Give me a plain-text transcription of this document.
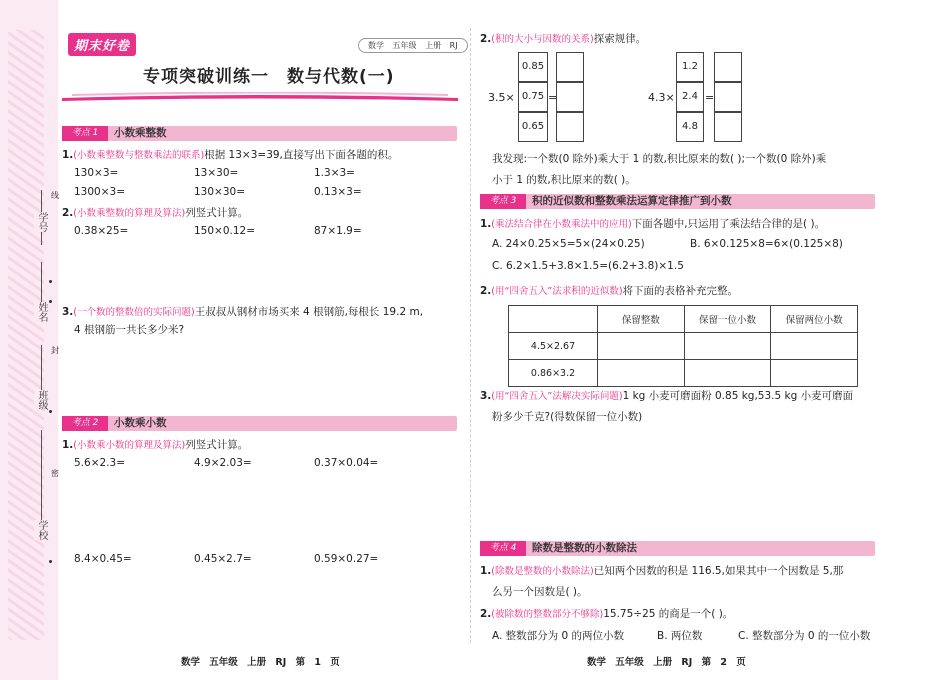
学号
姓名
班级
学校
线
封
密
期末好卷	数学 五年级 上册 RJ
专项突破训练一 数与代数(一)
考点 1	小数乘整数
1.(小数乘整数与整数乘法的联系)根据 13×3=39,直接写出下面各题的积。
130×3=	13×30=	1.3×3=
1300×3=	130×30=	0.13×3=
2.(小数乘整数的算理及算法)列竖式计算。
0.38×25=	150×0.12=	87×1.9=
3.(一个数的整数倍的实际问题)王叔叔从钢材市场买来 4 根钢筋,每根长 19.2 m,
4 根钢筋一共长多少米?
考点 2	小数乘小数
1.(小数乘小数的算理及算法)列竖式计算。
5.6×2.3=	4.9×2.03=	0.37×0.04=
8.4×0.45=	0.45×2.7=	0.59×0.27=
数学 五年级 上册 RJ 第 1 页
2.(积的大小与因数的关系)探索规律。
3.5×
0.85
0.75
0.65
=	4.3×
1.2
2.4
4.8
=
我发现:一个数(0 除外)乘大于 1 的数,积比原来的数( );一个数(0 除外)乘
小于 1 的数,积比原来的数( )。
考点 3	积的近似数和整数乘法运算定律推广到小数
1.(乘法结合律在小数乘法中的应用)下面各题中,只运用了乘法结合律的是( )。
A. 24×0.25×5=5×(24×0.25)	B. 6×0.125×8=6×(0.125×8)
C. 6.2×1.5+3.8×1.5=(6.2+3.8)×1.5
2.(用“四舍五入”法求积的近似数)将下面的表格补充完整。
	保留整数	保留一位小数	保留两位小数
4.5×2.67			
0.86×3.2			
3.(用“四舍五入”法解决实际问题)1 kg 小麦可磨面粉 0.85 kg,53.5 kg 小麦可磨面
粉多少千克?(得数保留一位小数)
考点 4	除数是整数的小数除法
1.(除数是整数的小数除法)已知两个因数的积是 116.5,如果其中一个因数是 5,那
么另一个因数是( )。
2.(被除数的整数部分不够除)15.75÷25 的商是一个( )。
A. 整数部分为 0 的两位小数	B. 两位数	C. 整数部分为 0 的一位小数
数学 五年级 上册 RJ 第 2 页
